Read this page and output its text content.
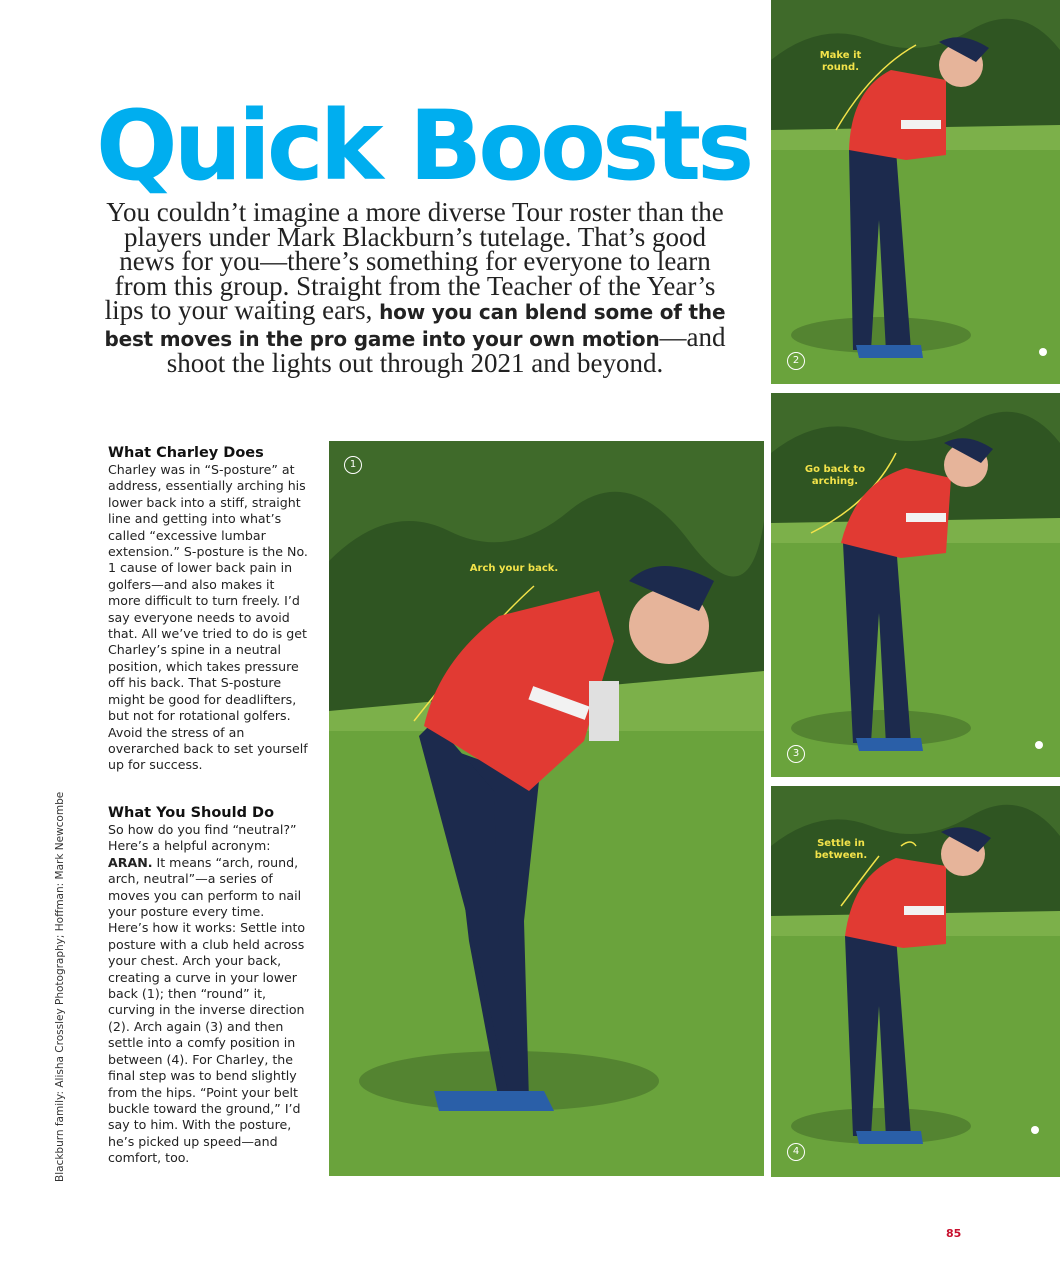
Quick Boosts

You couldn’t imagine a more diverse Tour roster than the players under Mark Blackburn’s tutelage. That’s good news for you—there’s something for everyone to learn from this group. Straight from the Teacher of the Year’s lips to your waiting ears, how you can blend some of the best moves in the pro game into your own motion—and shoot the lights out through 2021 and beyond.

What Charley Does

Charley was in “S-posture” at address, essentially arching his lower back into a stiff, straight line and getting into what’s called “excessive lumbar extension.” S-posture is the No. 1 cause of lower back pain in golfers—and also makes it more difficult to turn freely. I’d say everyone needs to avoid that. All we’ve tried to do is get Charley’s spine in a neutral position, which takes pressure off his back. That S-posture might be good for deadlifters, but not for rotational golfers. Avoid the stress of an overarched back to set yourself up for success.

What You Should Do

So how do you find “neutral?” Here’s a helpful acronym: ARAN. It means “arch, round, arch, neutral”—a series of moves you can perform to nail your posture every time. Here’s how it works: Settle into posture with a club held across your chest. Arch your back, creating a curve in your lower back (1); then “round” it, curving in the inverse direction (2). Arch again (3) and then settle into a comfy position in between (4). For Charley, the final step was to bend slightly from the hips. “Point your belt buckle toward the ground,” I’d say to him. With the posture, he’s picked up speed—and comfort, too.

Blackburn family: Alisha Crossley Photography; Hoffman: Mark Newcombe
1
Arch your back.
2
Make it round.
3
Go back to arching.
4
Settle in between.
85
